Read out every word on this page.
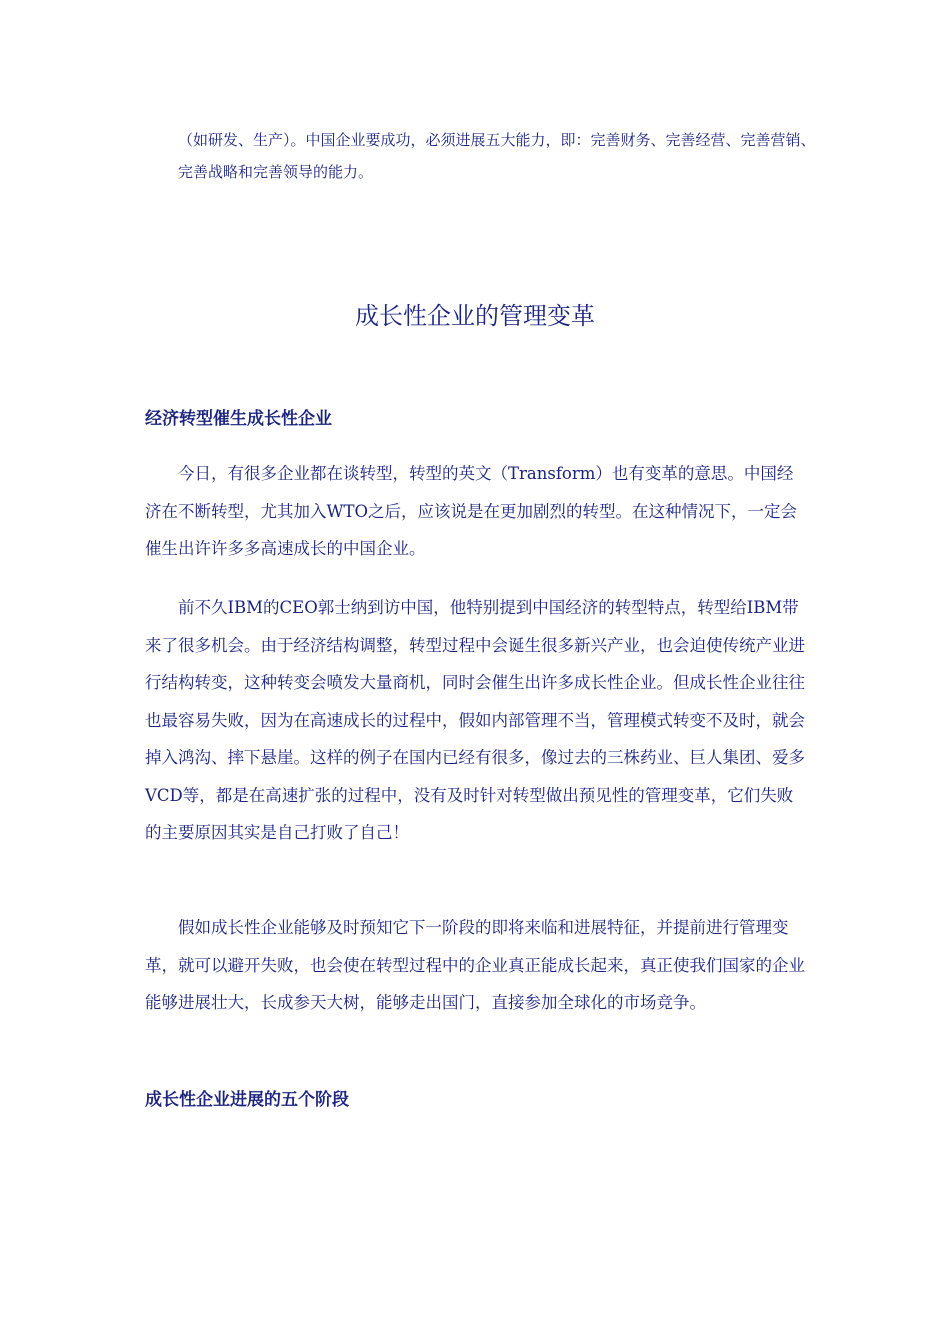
（如研发、生产）。中国企业要成功，必须进展五大能力，即：完善财务、完善经营、完善营销、完善战略和完善领导的能力。

成长性企业的管理变革
经济转型催生成长性企业

今日，有很多企业都在谈转型，转型的英文（Transform）也有变革的意思。中国经济在不断转型，尤其加入WTO之后，应该说是在更加剧烈的转型。在这种情况下，一定会催生出许许多多高速成长的中国企业。

前不久IBM的CEO郭士纳到访中国，他特别提到中国经济的转型特点，转型给IBM带来了很多机会。由于经济结构调整，转型过程中会诞生很多新兴产业，也会迫使传统产业进行结构转变，这种转变会喷发大量商机，同时会催生出许多成长性企业。但成长性企业往往也最容易失败，因为在高速成长的过程中，假如内部管理不当，管理模式转变不及时，就会掉入鸿沟、摔下悬崖。这样的例子在国内已经有很多，像过去的三株药业、巨人集团、爱多VCD等，都是在高速扩张的过程中，没有及时针对转型做出预见性的管理变革，它们失败的主要原因其实是自己打败了自己！

假如成长性企业能够及时预知它下一阶段的即将来临和进展特征，并提前进行管理变革，就可以避开失败，也会使在转型过程中的企业真正能成长起来，真正使我们国家的企业能够进展壮大，长成参天大树，能够走出国门，直接参加全球化的市场竞争。

成长性企业进展的五个阶段
